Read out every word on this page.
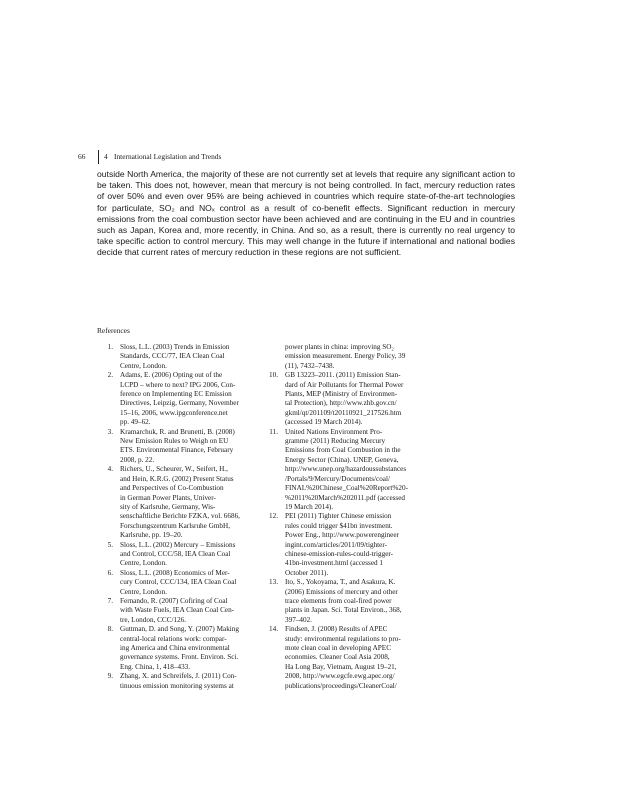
66	4 International Legislation and Trends

outside North America, the majority of these are not currently set at levels that require any significant action to be taken. This does not, however, mean that mercury is not being controlled. In fact, mercury reduction rates of over 50% and even over 95% are being achieved in countries which require state-of-the-art technologies for particulate, SO₂ and NOₓ control as a result of co-benefit effects. Significant reduction in mercury emissions from the coal combustion sector have been achieved and are continuing in the EU and in countries such as Japan, Korea and, more recently, in China. And so, as a result, there is currently no real urgency to take specific action to control mercury. This may well change in the future if international and national bodies decide that current rates of mercury reduction in these regions are not sufficient.

References
1. Sloss, L.L. (2003) Trends in Emission
Standards, CCC/77, IEA Clean Coal
Centre, London.
2. Adams, E. (2006) Opting out of the
LCPD – where to next? IPG 2006, Con-
ference on Implementing EC Emission
Directives, Leipzig, Germany, November
15–16, 2006, www.ipgconference.net
pp. 49–62.
3. Kramarchuk, R. and Brunetti, B. (2008)
New Emission Rules to Weigh on EU
ETS. Environmental Finance, February
2008, p. 22.
4. Richers, U., Scheurer, W., Seifert, H.,
and Hein, K.R.G. (2002) Present Status
and Perspectives of Co-Combustion
in German Power Plants, Univer-
sity of Karlsruhe, Germany, Wis-
senschaftliche Berichte FZKA, vol. 6686,
Forschungszentrum Karlsruhe GmbH,
Karlsruhe, pp. 19–20.
5. Sloss, L.L. (2002) Mercury – Emissions
and Control, CCC/58, IEA Clean Coal
Centre, London.
6. Sloss, L.L. (2008) Economics of Mer-
cury Control, CCC/134, IEA Clean Coal
Centre, London.
7. Fernando, R. (2007) Cofiring of Coal
with Waste Fuels, IEA Clean Coal Cen-
tre, London, CCC/126.
8. Guttman, D. and Song, Y. (2007) Making
central-local relations work: compar-
ing America and China environmental
governance systems. Front. Environ. Sci.
Eng. China, 1, 418–433.
9. Zhang, X. and Schreifels, J. (2011) Con-
tinuous emission monitoring systems at
power plants in china: improving SO₂
emission measurement. Energy Policy, 39
(11), 7432–7438.
10. GB 13223–2011. (2011) Emission Stan-
dard of Air Pollutants for Thermal Power
Plants, MEP (Ministry of Environmen-
tal Protection), http://www.zhb.gov.cn/
gkml/qt/201109/t20110921_217526.htm
(accessed 19 March 2014).
11. United Nations Environment Pro-
gramme (2011) Reducing Mercury
Emissions from Coal Combustion in the
Energy Sector (China). UNEP, Geneva,
http://www.unep.org/hazardoussubstances
/Portals/9/Mercury/Documents/coal/
FINAL%20Chinese_Coal%20Report%20-
%2011%20March%202011.pdf (accessed
19 March 2014).
12. PEI (2011) Tighter Chinese emission
rules could trigger $41bn investment.
Power Eng., http://www.powerengineer
ingint.com/articles/2011/09/tighter-
chinese-emission-rules-could-trigger-
41bn-investment.html (accessed 1
October 2011).
13. Ito, S., Yokoyama, T., and Asakura, K.
(2006) Emissions of mercury and other
trace elements from coal-fired power
plants in Japan. Sci. Total Environ., 368,
397–402.
14. Findsen, J. (2008) Results of APEC
study: environmental regulations to pro-
mote clean coal in developing APEC
economies. Cleaner Coal Asia 2008,
Ha Long Bay, Vietnam, August 19–21,
2008, http://www.egcfe.ewg.apec.org/
publications/proceedings/CleanerCoal/
